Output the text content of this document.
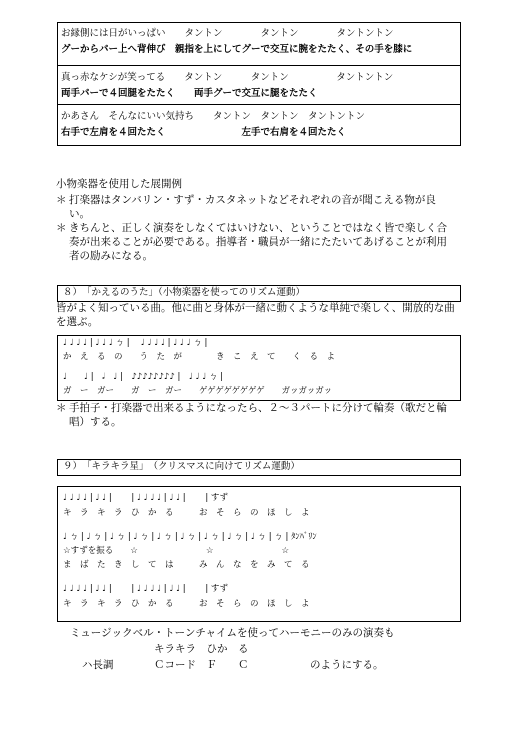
お縁側には日がいっぱい　　タントン　　　　タントン　　　　タントントン
グーからパー上へ背伸び　親指を上にしてグーで交互に腕をたたく、その手を膝に
真っ赤なケシが笑ってる　　タントン　　　タントン　　　　　タントントン
両手パーで４回腿をたたく　　両手グーで交互に腿をたたく
かあさん　そんなにいい気持ち　　タントン　タントン　タントントン
右手で左肩を４回たたく　　　　　　　　左手で右肩を４回たたく
小物楽器を使用した展開例
＊ 打楽器はタンバリン・すず・カスタネットなどそれぞれの音が聞こえる物が良い。
＊ きちんと、正しく演奏をしなくてはいけない、ということではなく皆で楽しく合奏が出来ることが必要である。指導者・職員が一緒にたたいてあげることが利用者の励みになる。
８）　「かえるのうた」（小物楽器を使ってのリズム運動）
皆がよく知っている曲。他に曲と身体が一緒に動くような単純で楽しく、開放的な曲を選ぶ。
♩ ♩ ♩ ♩ | ♩ ♩ ♩ ㄅ | 　♩ ♩ ♩ ♩ | ♩ ♩ ♩ ㄅ |
か　え　る　の　　う　た　が　　　　き　こ　え　て　　く　る　よ
♩　　♩ |　𝅗𝅥　♩ |　♪♪♪♪♪♪♪♪ |　♩ ♩ ♩ ㄅ |
ガ　ー　ガー　　ガ　ー　ガー　　ゲゲゲゲゲゲゲゲ　　ガッガッガッ
＊ 手拍子・打楽器で出来るようになったら、２～３パートに分けて輪奏（歌だと輪唱）する。
９）　「キラキラ星」　（クリスマスに向けてリズム運動）
♩ ♩ ♩ ♩ | ♩ ♩ |　　 | ♩ ♩ ♩ ♩ | ♩ ♩ |　　 | すず
キ　ラ　キ　ラ　ひ　か　る　　　お　そ　ら　の　ほ　し　よ
♩ ㄅ | ♩ ㄅ | ♩ ㄅ | ♩ ㄅ | ♩ ㄅ | ♩ ㄅ | ♩ ㄅ | ♩ ㄅ | ♩ ㄅ | ㄅ | ﾀﾝﾊﾞﾘﾝ
☆すずを振る　　☆　　　　　　　　☆　　　　　　　　☆
ま　ば　た　き　し　て　は　　　み　ん　な　を　み　て　る
♩ ♩ ♩ ♩ | ♩ ♩ |　　 | ♩ ♩ ♩ ♩ | ♩ ♩ |　　 | すず
キ　ラ　キ　ラ　ひ　か　る　　　お　そ　ら　の　ほ　し　よ
ミュージックベル・トーンチャイムを使ってハーモニーのみの演奏も
キラキラ　ひか　る
ハ長調	Ｃコード　Ｆ　　Ｃ	のようにする。
